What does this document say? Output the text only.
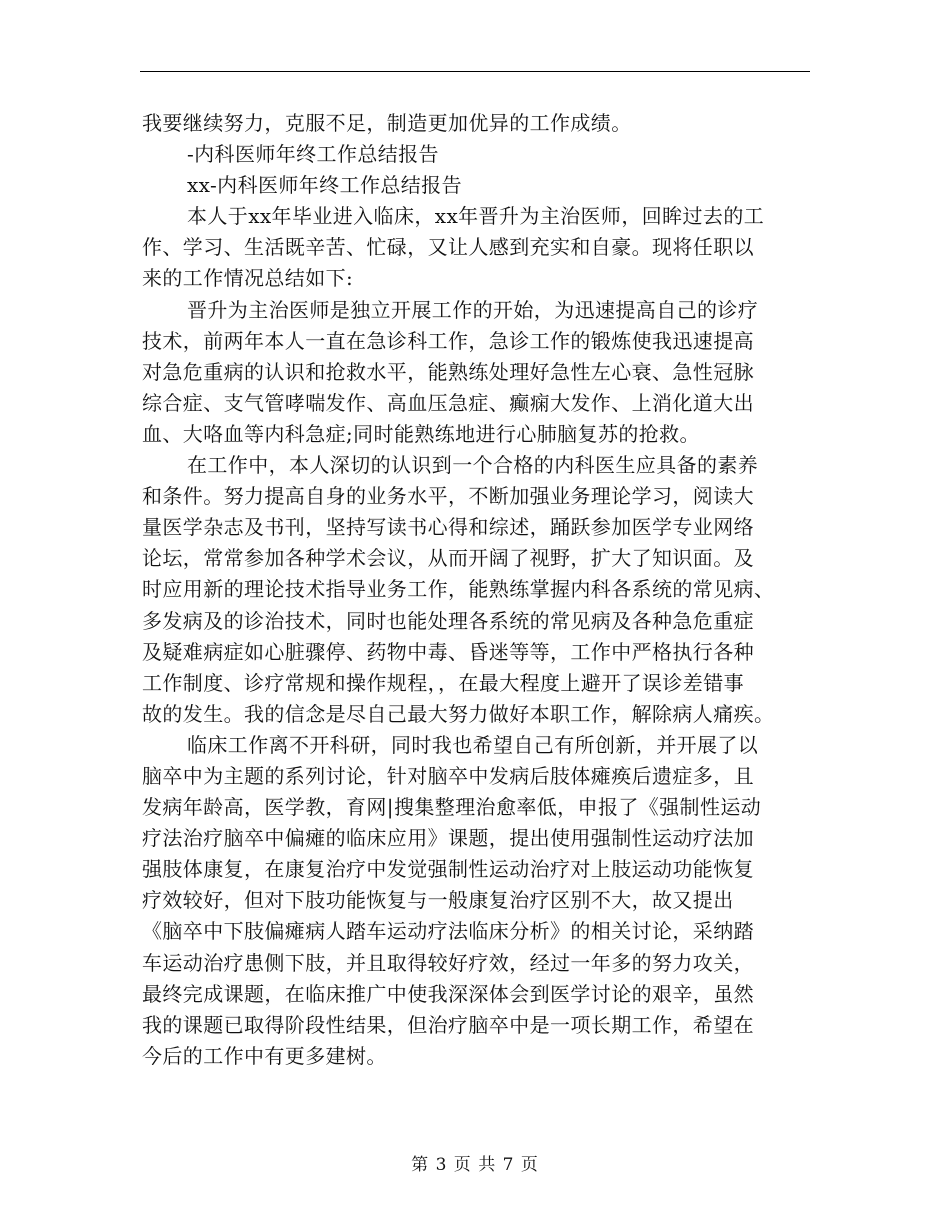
我要继续努力，克服不足，制造更加优异的工作成绩。
-内科医师年终工作总结报告
xx-内科医师年终工作总结报告
本人于xx年毕业进入临床，xx年晋升为主治医师，回眸过去的工
作、学习、生活既辛苦、忙碌，又让人感到充实和自豪。现将任职以
来的工作情况总结如下:
晋升为主治医师是独立开展工作的开始，为迅速提高自己的诊疗
技术，前两年本人一直在急诊科工作，急诊工作的锻炼使我迅速提高
对急危重病的认识和抢救水平，能熟练处理好急性左心衰、急性冠脉
综合症、支气管哮喘发作、高血压急症、癫痫大发作、上消化道大出
血、大咯血等内科急症;同时能熟练地进行心肺脑复苏的抢救。
在工作中，本人深切的认识到一个合格的内科医生应具备的素养
和条件。努力提高自身的业务水平，不断加强业务理论学习，阅读大
量医学杂志及书刊，坚持写读书心得和综述，踊跃参加医学专业网络
论坛，常常参加各种学术会议，从而开阔了视野，扩大了知识面。及
时应用新的理论技术指导业务工作，能熟练掌握内科各系统的常见病、
多发病及的诊治技术，同时也能处理各系统的常见病及各种急危重症
及疑难病症如心脏骤停、药物中毒、昏迷等等，工作中严格执行各种
工作制度、诊疗常规和操作规程，，在最大程度上避开了误诊差错事
故的发生。我的信念是尽自己最大努力做好本职工作，解除病人痛疾。
临床工作离不开科研，同时我也希望自己有所创新，并开展了以
脑卒中为主题的系列讨论，针对脑卒中发病后肢体瘫痪后遗症多，且
发病年龄高，医学教，育网|搜集整理治愈率低，申报了《强制性运动
疗法治疗脑卒中偏瘫的临床应用》课题，提出使用强制性运动疗法加
强肢体康复，在康复治疗中发觉强制性运动治疗对上肢运动功能恢复
疗效较好，但对下肢功能恢复与一般康复治疗区别不大，故又提出
《脑卒中下肢偏瘫病人踏车运动疗法临床分析》的相关讨论，采纳踏
车运动治疗患侧下肢，并且取得较好疗效，经过一年多的努力攻关，
最终完成课题，在临床推广中使我深深体会到医学讨论的艰辛，虽然
我的课题已取得阶段性结果，但治疗脑卒中是一项长期工作，希望在
今后的工作中有更多建树。
第 3 页 共 7 页
